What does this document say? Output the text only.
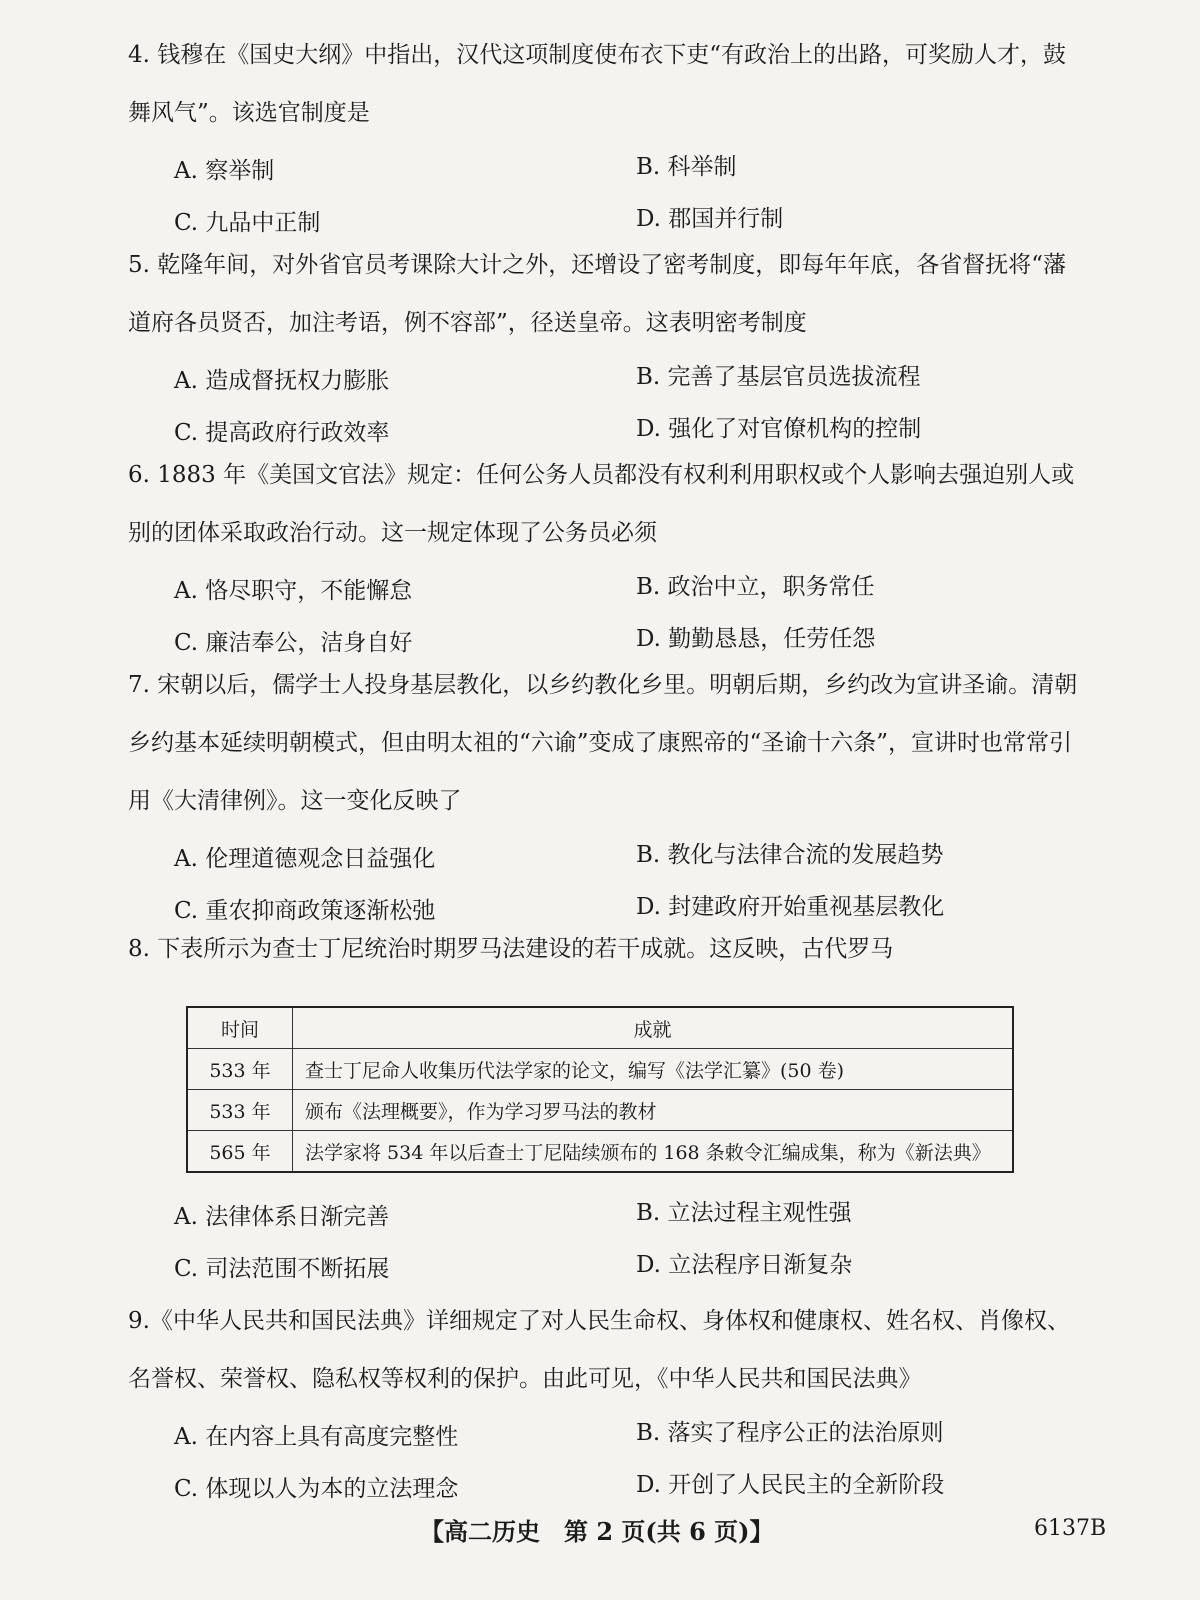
4. 钱穆在《国史大纲》中指出，汉代这项制度使布衣下吏“有政治上的出路，可奖励人才，鼓舞风气”。该选官制度是
A. 察举制	B. 科举制
C. 九品中正制	D. 郡国并行制
5. 乾隆年间，对外省官员考课除大计之外，还增设了密考制度，即每年年底，各省督抚将“藩道府各员贤否，加注考语，例不容部”，径送皇帝。这表明密考制度
A. 造成督抚权力膨胀	B. 完善了基层官员选拔流程
C. 提高政府行政效率	D. 强化了对官僚机构的控制
6. 1883 年《美国文官法》规定：任何公务人员都没有权利利用职权或个人影响去强迫别人或别的团体采取政治行动。这一规定体现了公务员必须
A. 恪尽职守，不能懈怠	B. 政治中立，职务常任
C. 廉洁奉公，洁身自好	D. 勤勤恳恳，任劳任怨
7. 宋朝以后，儒学士人投身基层教化，以乡约教化乡里。明朝后期，乡约改为宣讲圣谕。清朝乡约基本延续明朝模式，但由明太祖的“六谕”变成了康熙帝的“圣谕十六条”，宣讲时也常常引用《大清律例》。这一变化反映了
A. 伦理道德观念日益强化	B. 教化与法律合流的发展趋势
C. 重农抑商政策逐渐松弛	D. 封建政府开始重视基层教化
8. 下表所示为查士丁尼统治时期罗马法建设的若干成就。这反映，古代罗马
时间	成就
533 年	查士丁尼命人收集历代法学家的论文，编写《法学汇纂》(50 卷)
533 年	颁布《法理概要》，作为学习罗马法的教材
565 年	法学家将 534 年以后查士丁尼陆续颁布的 168 条敕令汇编成集，称为《新法典》
A. 法律体系日渐完善	B. 立法过程主观性强
C. 司法范围不断拓展	D. 立法程序日渐复杂
9.《中华人民共和国民法典》详细规定了对人民生命权、身体权和健康权、姓名权、肖像权、名誉权、荣誉权、隐私权等权利的保护。由此可见，《中华人民共和国民法典》
A. 在内容上具有高度完整性	B. 落实了程序公正的法治原则
C. 体现以人为本的立法理念	D. 开创了人民民主的全新阶段
【高二历史　第 2 页(共 6 页)】	6137B
